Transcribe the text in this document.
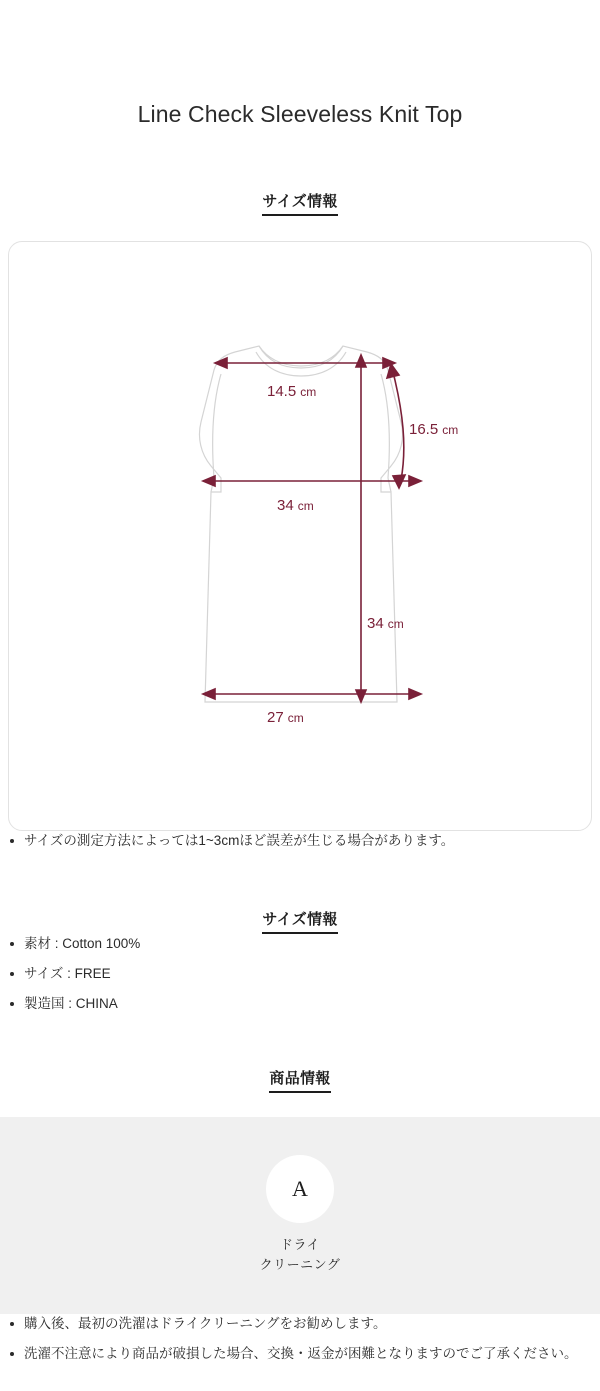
Line Check Sleeveless Knit Top
サイズ情報
14.5 cm
16.5 cm
34 cm
34 cm
27 cm
サイズの測定方法によっては1~3cmほど誤差が生じる場合があります。
サイズ情報
素材 : Cotton 100%
サイズ : FREE
製造国 : CHINA
商品情報
A
ドライ
クリーニング
購入後、最初の洗濯はドライクリーニングをお勧めします。
洗濯不注意により商品が破損した場合、交換・返金が困難となりますのでご了承ください。
